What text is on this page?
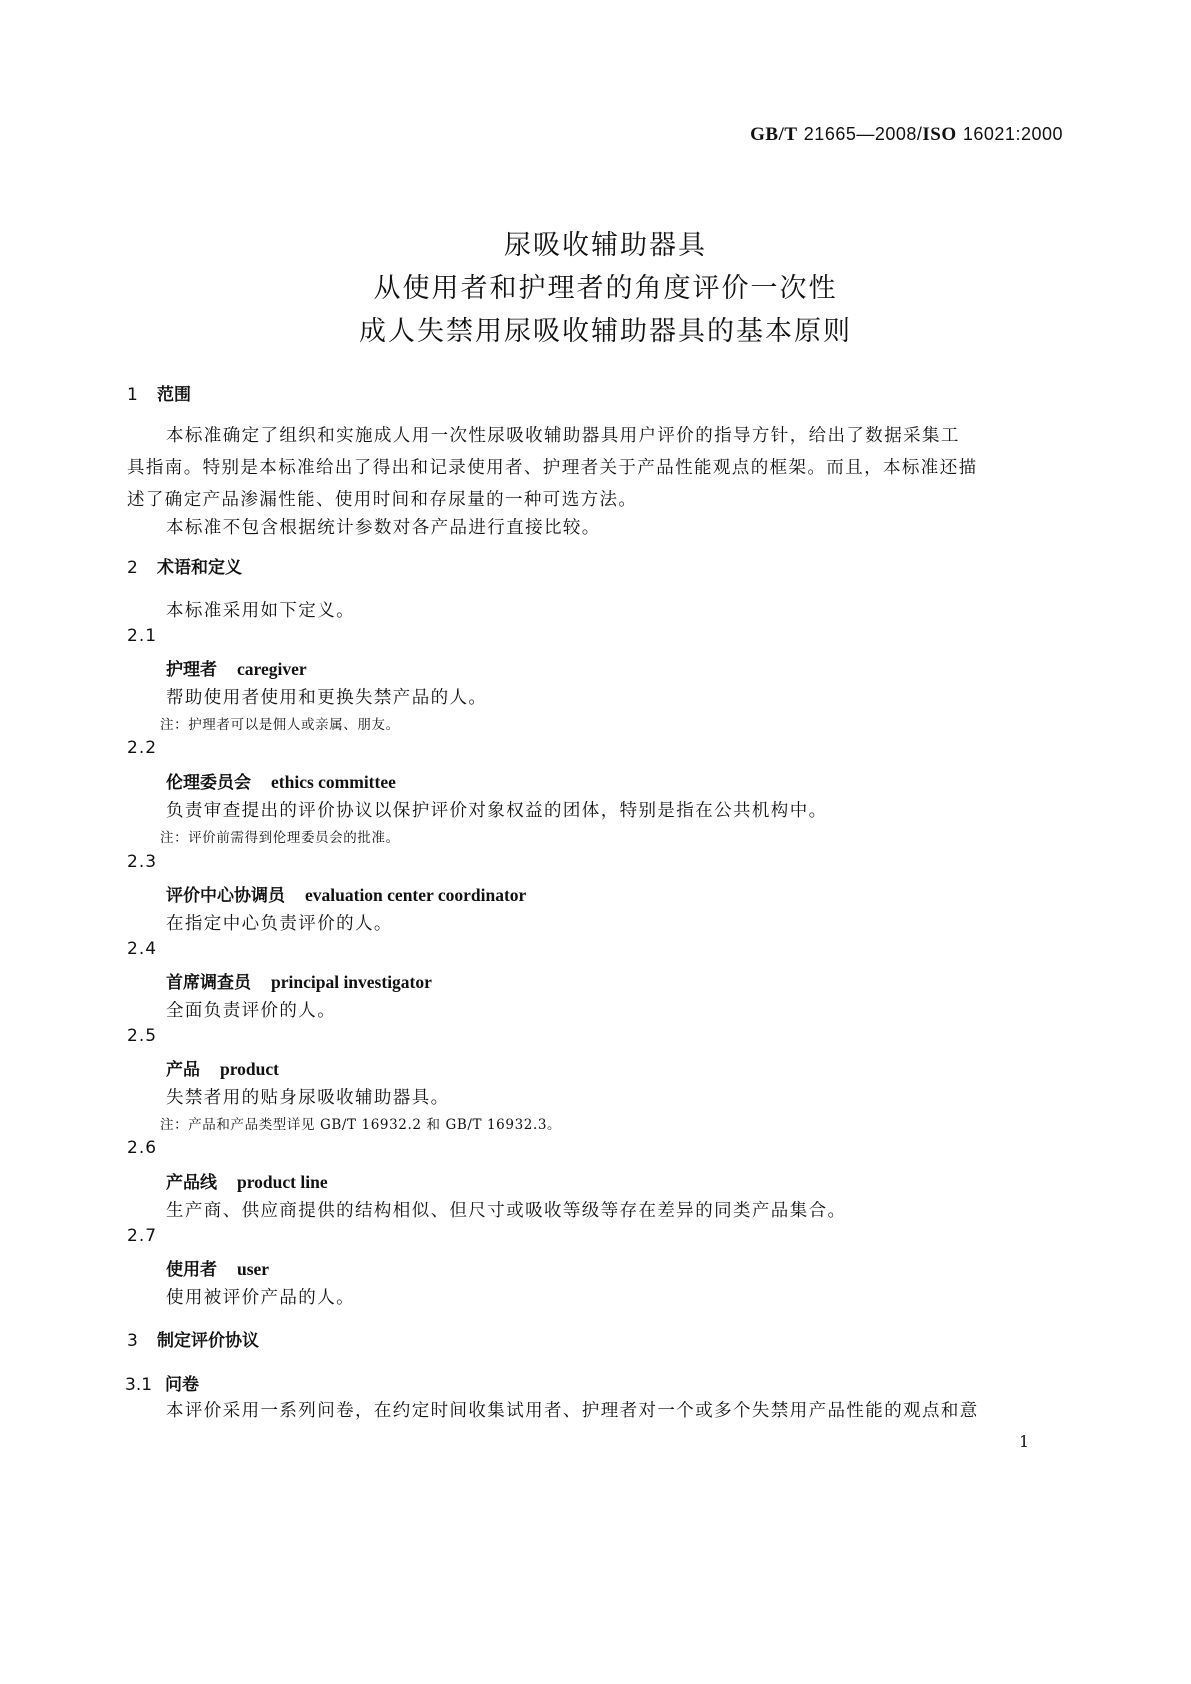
GB/T 21665—2008/ISO 16021:2000
尿吸收辅助器具
从使用者和护理者的角度评价一次性
成人失禁用尿吸收辅助器具的基本原则
1 范围
本标准确定了组织和实施成人用一次性尿吸收辅助器具用户评价的指导方针，给出了数据采集工
具指南。特别是本标准给出了得出和记录使用者、护理者关于产品性能观点的框架。而且，本标准还描
述了确定产品渗漏性能、使用时间和存尿量的一种可选方法。
本标准不包含根据统计参数对各产品进行直接比较。
2 术语和定义
本标准采用如下定义。
2.1
护理者 caregiver
帮助使用者使用和更换失禁产品的人。
注：护理者可以是佣人或亲属、朋友。
2.2
伦理委员会 ethics committee
负责审查提出的评价协议以保护评价对象权益的团体，特别是指在公共机构中。
注：评价前需得到伦理委员会的批准。
2.3
评价中心协调员 evaluation center coordinator
在指定中心负责评价的人。
2.4
首席调查员 principal investigator
全面负责评价的人。
2.5
产品 product
失禁者用的贴身尿吸收辅助器具。
注：产品和产品类型详见 GB/T 16932.2 和 GB/T 16932.3。
2.6
产品线 product line
生产商、供应商提供的结构相似、但尺寸或吸收等级等存在差异的同类产品集合。
2.7
使用者 user
使用被评价产品的人。
3 制定评价协议
3.1 问卷
本评价采用一系列问卷，在约定时间收集试用者、护理者对一个或多个失禁用产品性能的观点和意
1
